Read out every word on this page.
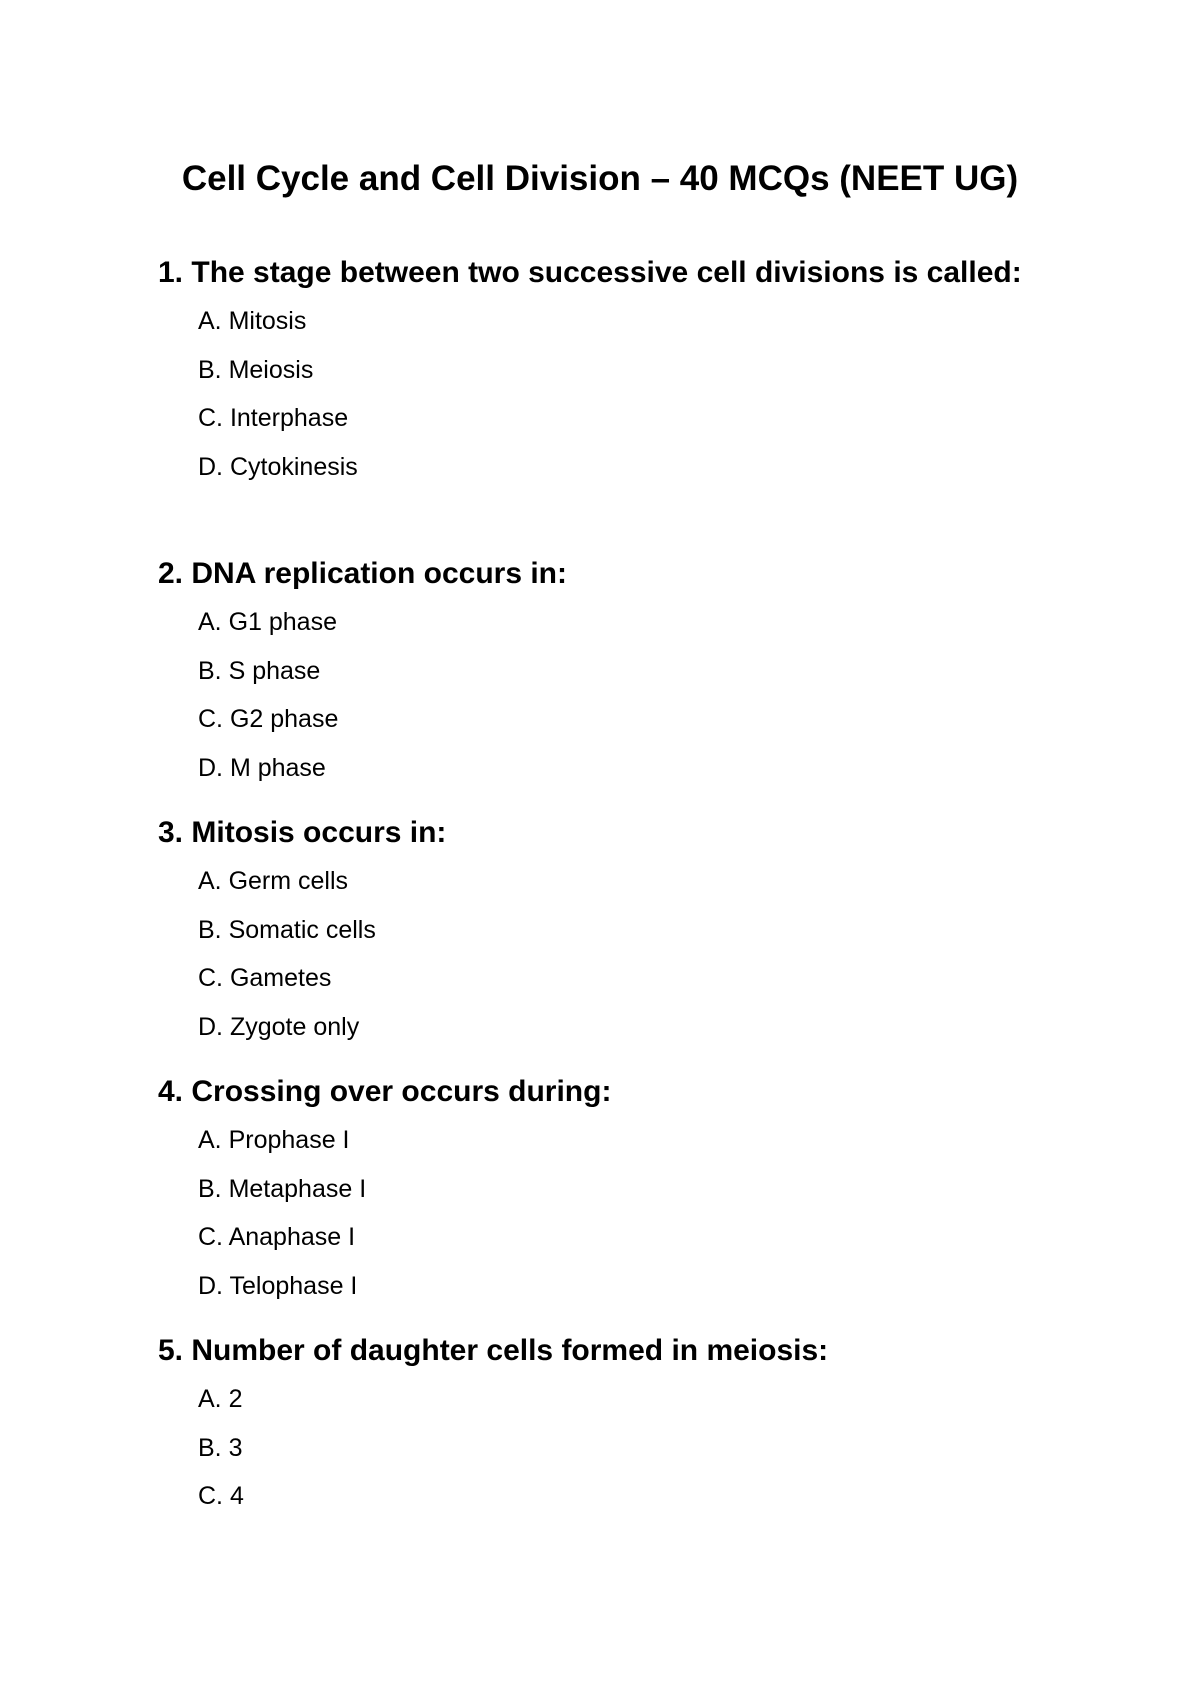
Cell Cycle and Cell Division – 40 MCQs (NEET UG)

1. The stage between two successive cell divisions is called:

A. Mitosis
B. Meiosis
C. Interphase
D. Cytokinesis

2. DNA replication occurs in:

A. G1 phase
B. S phase
C. G2 phase
D. M phase

3. Mitosis occurs in:

A. Germ cells
B. Somatic cells
C. Gametes
D. Zygote only

4. Crossing over occurs during:

A. Prophase I
B. Metaphase I
C. Anaphase I
D. Telophase I

5. Number of daughter cells formed in meiosis:

A. 2
B. 3
C. 4
